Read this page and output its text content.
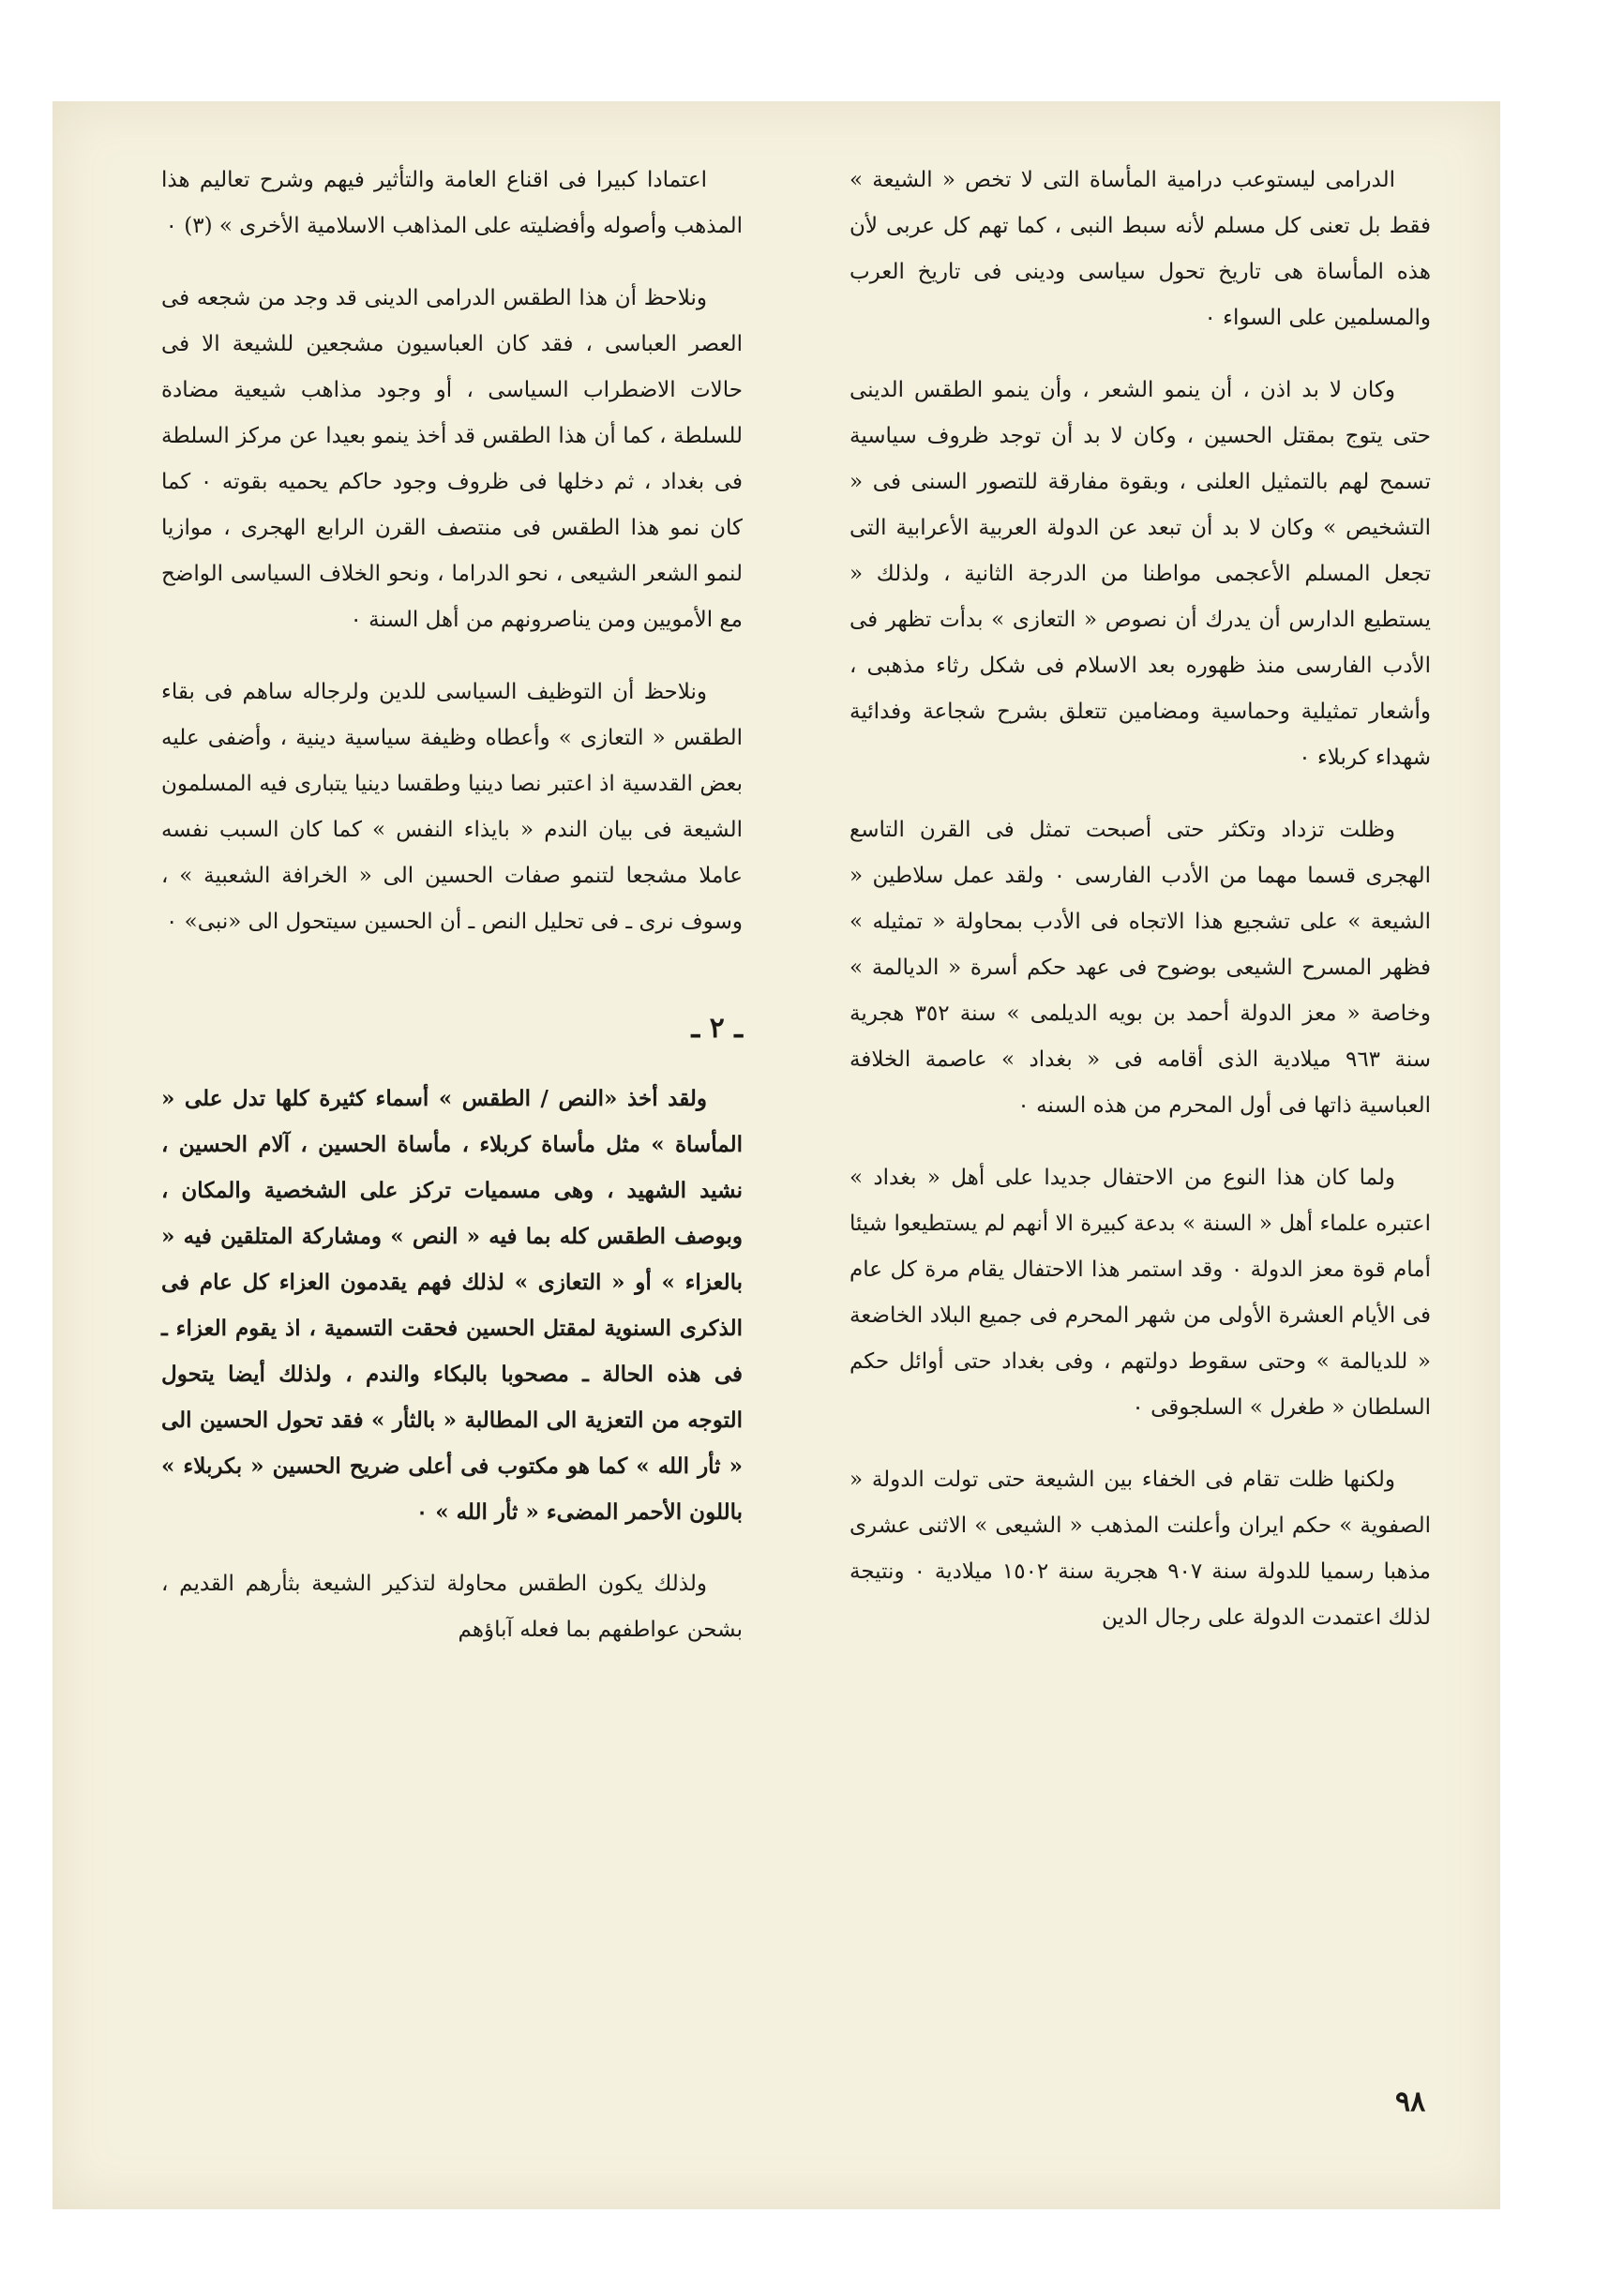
الدرامى ليستوعب درامية المأساة التى لا تخص « الشيعة » فقط بل تعنى كل مسلم لأنه سبط النبى ، كما تهم كل عربى لأن هذه المأساة هى تاريخ تحول سياسى ودينى فى تاريخ العرب والمسلمين على السواء ٠

وكان لا بد اذن ، أن ينمو الشعر ، وأن ينمو الطقس الدينى حتى يتوج بمقتل الحسين ، وكان لا بد أن توجد ظروف سياسية تسمح لهم بالتمثيل العلنى ، وبقوة مفارقة للتصور السنى فى « التشخيص » وكان لا بد أن تبعد عن الدولة العربية الأعرابية التى تجعل المسلم الأعجمى مواطنا من الدرجة الثانية ، ولذلك « يستطيع الدارس أن يدرك أن نصوص « التعازى » بدأت تظهر فى الأدب الفارسى منذ ظهوره بعد الاسلام فى شكل رثاء مذهبى ، وأشعار تمثيلية وحماسية ومضامين تتعلق بشرح شجاعة وفدائية شهداء كربلاء ٠

وظلت تزداد وتكثر حتى أصبحت تمثل فى القرن التاسع الهجرى قسما مهما من الأدب الفارسى ٠ ولقد عمل سلاطين « الشيعة » على تشجيع هذا الاتجاه فى الأدب بمحاولة « تمثيله » فظهر المسرح الشيعى بوضوح فى عهد حكم أسرة « الديالمة » وخاصة « معز الدولة أحمد بن بويه الديلمى » سنة ٣٥٢ هجرية سنة ٩٦٣ ميلادية الذى أقامه فى « بغداد » عاصمة الخلافة العباسية ذاتها فى أول المحرم من هذه السنه ٠

ولما كان هذا النوع من الاحتفال جديدا على أهل « بغداد » اعتبره علماء أهل « السنة » بدعة كبيرة الا أنهم لم يستطيعوا شيئا أمام قوة معز الدولة ٠ وقد استمر هذا الاحتفال يقام مرة كل عام فى الأيام العشرة الأولى من شهر المحرم فى جميع البلاد الخاضعة « للديالمة » وحتى سقوط دولتهم ، وفى بغداد حتى أوائل حكم السلطان « طغرل » السلجوقى ٠

ولكنها ظلت تقام فى الخفاء بين الشيعة حتى تولت الدولة « الصفوية » حكم ايران وأعلنت المذهب « الشيعى » الاثنى عشرى مذهبا رسميا للدولة سنة ٩٠٧ هجرية سنة ١٥٠٢ ميلادية ٠ ونتيجة لذلك اعتمدت الدولة على رجال الدين

اعتمادا كبيرا فى اقناع العامة والتأثير فيهم وشرح تعاليم هذا المذهب وأصوله وأفضليته على المذاهب الاسلامية الأخرى » (٣) ٠

ونلاحظ أن هذا الطقس الدرامى الدينى قد وجد من شجعه فى العصر العباسى ، فقد كان العباسيون مشجعين للشيعة الا فى حالات الاضطراب السياسى ، أو وجود مذاهب شيعية مضادة للسلطة ، كما أن هذا الطقس قد أخذ ينمو بعيدا عن مركز السلطة فى بغداد ، ثم دخلها فى ظروف وجود حاكم يحميه بقوته ٠ كما كان نمو هذا الطقس فى منتصف القرن الرابع الهجرى ، موازيا لنمو الشعر الشيعى ، نحو الدراما ، ونحو الخلاف السياسى الواضح مع الأمويين ومن يناصرونهم من أهل السنة ٠

ونلاحظ أن التوظيف السياسى للدين ولرجاله ساهم فى بقاء الطقس « التعازى » وأعطاه وظيفة سياسية دينية ، وأضفى عليه بعض القدسية اذ اعتبر نصا دينيا وطقسا دينيا يتبارى فيه المسلمون الشيعة فى بيان الندم « بايذاء النفس » كما كان السبب نفسه عاملا مشجعا لتنمو صفات الحسين الى « الخرافة الشعبية » ، وسوف نرى ـ فى تحليل النص ـ أن الحسين سيتحول الى «نبى» ٠

ـ ٢ ـ

ولقد أخذ «النص / الطقس » أسماء كثيرة كلها تدل على « المأساة » مثل مأساة كربلاء ، مأساة الحسين ، آلام الحسين ، نشيد الشهيد ، وهى مسميات تركز على الشخصية والمكان ، وبوصف الطقس كله بما فيه « النص » ومشاركة المتلقين فيه « بالعزاء » أو « التعازى » لذلك فهم يقدمون العزاء كل عام فى الذكرى السنوية لمقتل الحسين فحقت التسمية ، اذ يقوم العزاء ـ فى هذه الحالة ـ مصحوبا بالبكاء والندم ، ولذلك أيضا يتحول التوجه من التعزية الى المطالبة « بالثأر » فقد تحول الحسين الى « ثأر الله » كما هو مكتوب فى أعلى ضريح الحسين « بكربلاء » باللون الأحمر المضىء « ثأر الله » ٠

ولذلك يكون الطقس محاولة لتذكير الشيعة بثأرهم القديم ، بشحن عواطفهم بما فعله آباؤهم

٩٨
